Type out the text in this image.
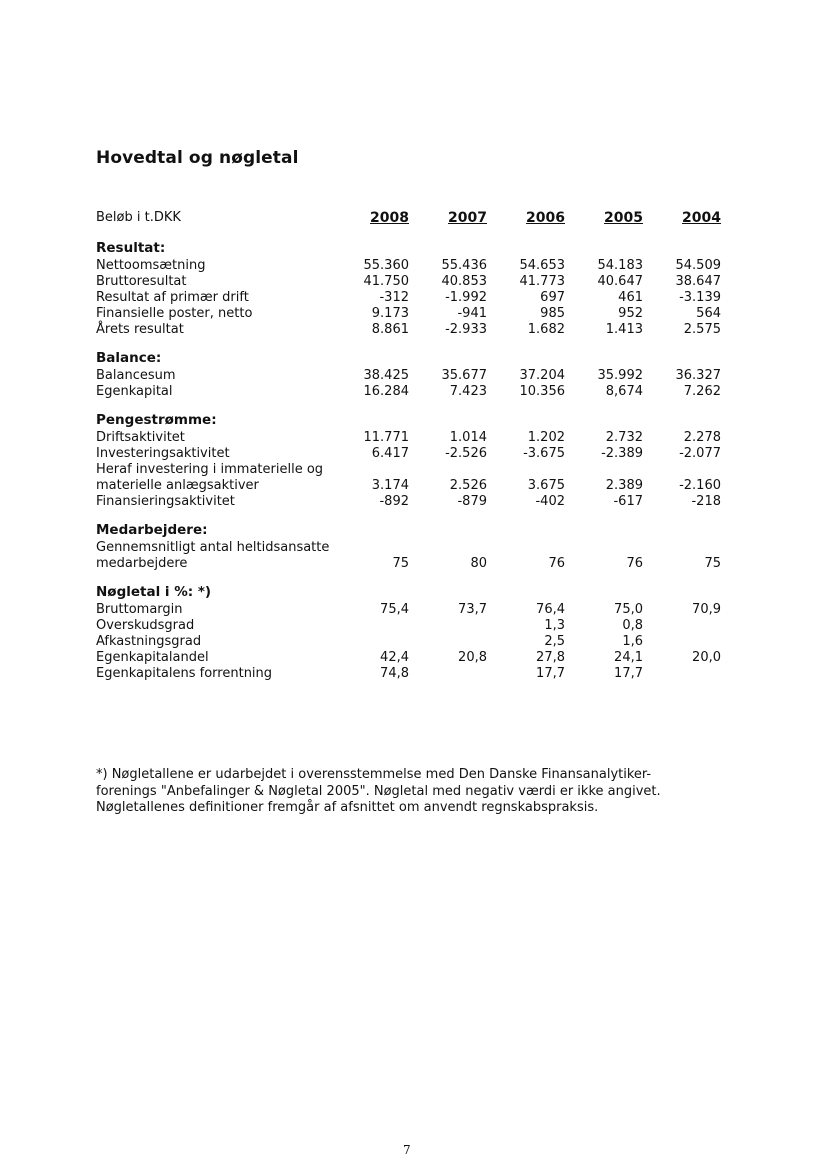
Hovedtal og nøgletal
Beløb i t.DKK	2008	2007	2006	2005	2004
Resultat:					
Nettoomsætning	55.360	55.436	54.653	54.183	54.509
Bruttoresultat	41.750	40.853	41.773	40.647	38.647
Resultat af primær drift	-312	-1.992	697	461	-3.139
Finansielle poster, netto	9.173	-941	985	952	564
Årets resultat	8.861	-2.933	1.682	1.413	2.575
Balance:					
Balancesum	38.425	35.677	37.204	35.992	36.327
Egenkapital	16.284	7.423	10.356	8,674	7.262
Pengestrømme:					
Driftsaktivitet	11.771	1.014	1.202	2.732	2.278
Investeringsaktivitet	6.417	-2.526	-3.675	-2.389	-2.077
Heraf investering i immaterielle og					
materielle anlægsaktiver	3.174	2.526	3.675	2.389	-2.160
Finansieringsaktivitet	-892	-879	-402	-617	-218
Medarbejdere:					
Gennemsnitligt antal heltidsansatte					
medarbejdere	75	80	76	76	75
Nøgletal i %: *)					
Bruttomargin	75,4	73,7	76,4	75,0	70,9
Overskudsgrad			1,3	0,8	
Afkastningsgrad			2,5	1,6	
Egenkapitalandel	42,4	20,8	27,8	24,1	20,0
Egenkapitalens forrentning	74,8		17,7	17,7	
*) Nøgletallene er udarbejdet i overensstemmelse med Den Danske Finansanalytiker-
forenings "Anbefalinger & Nøgletal 2005". Nøgletal med negativ værdi er ikke angivet.
Nøgletallenes definitioner fremgår af afsnittet om anvendt regnskabspraksis.
7
